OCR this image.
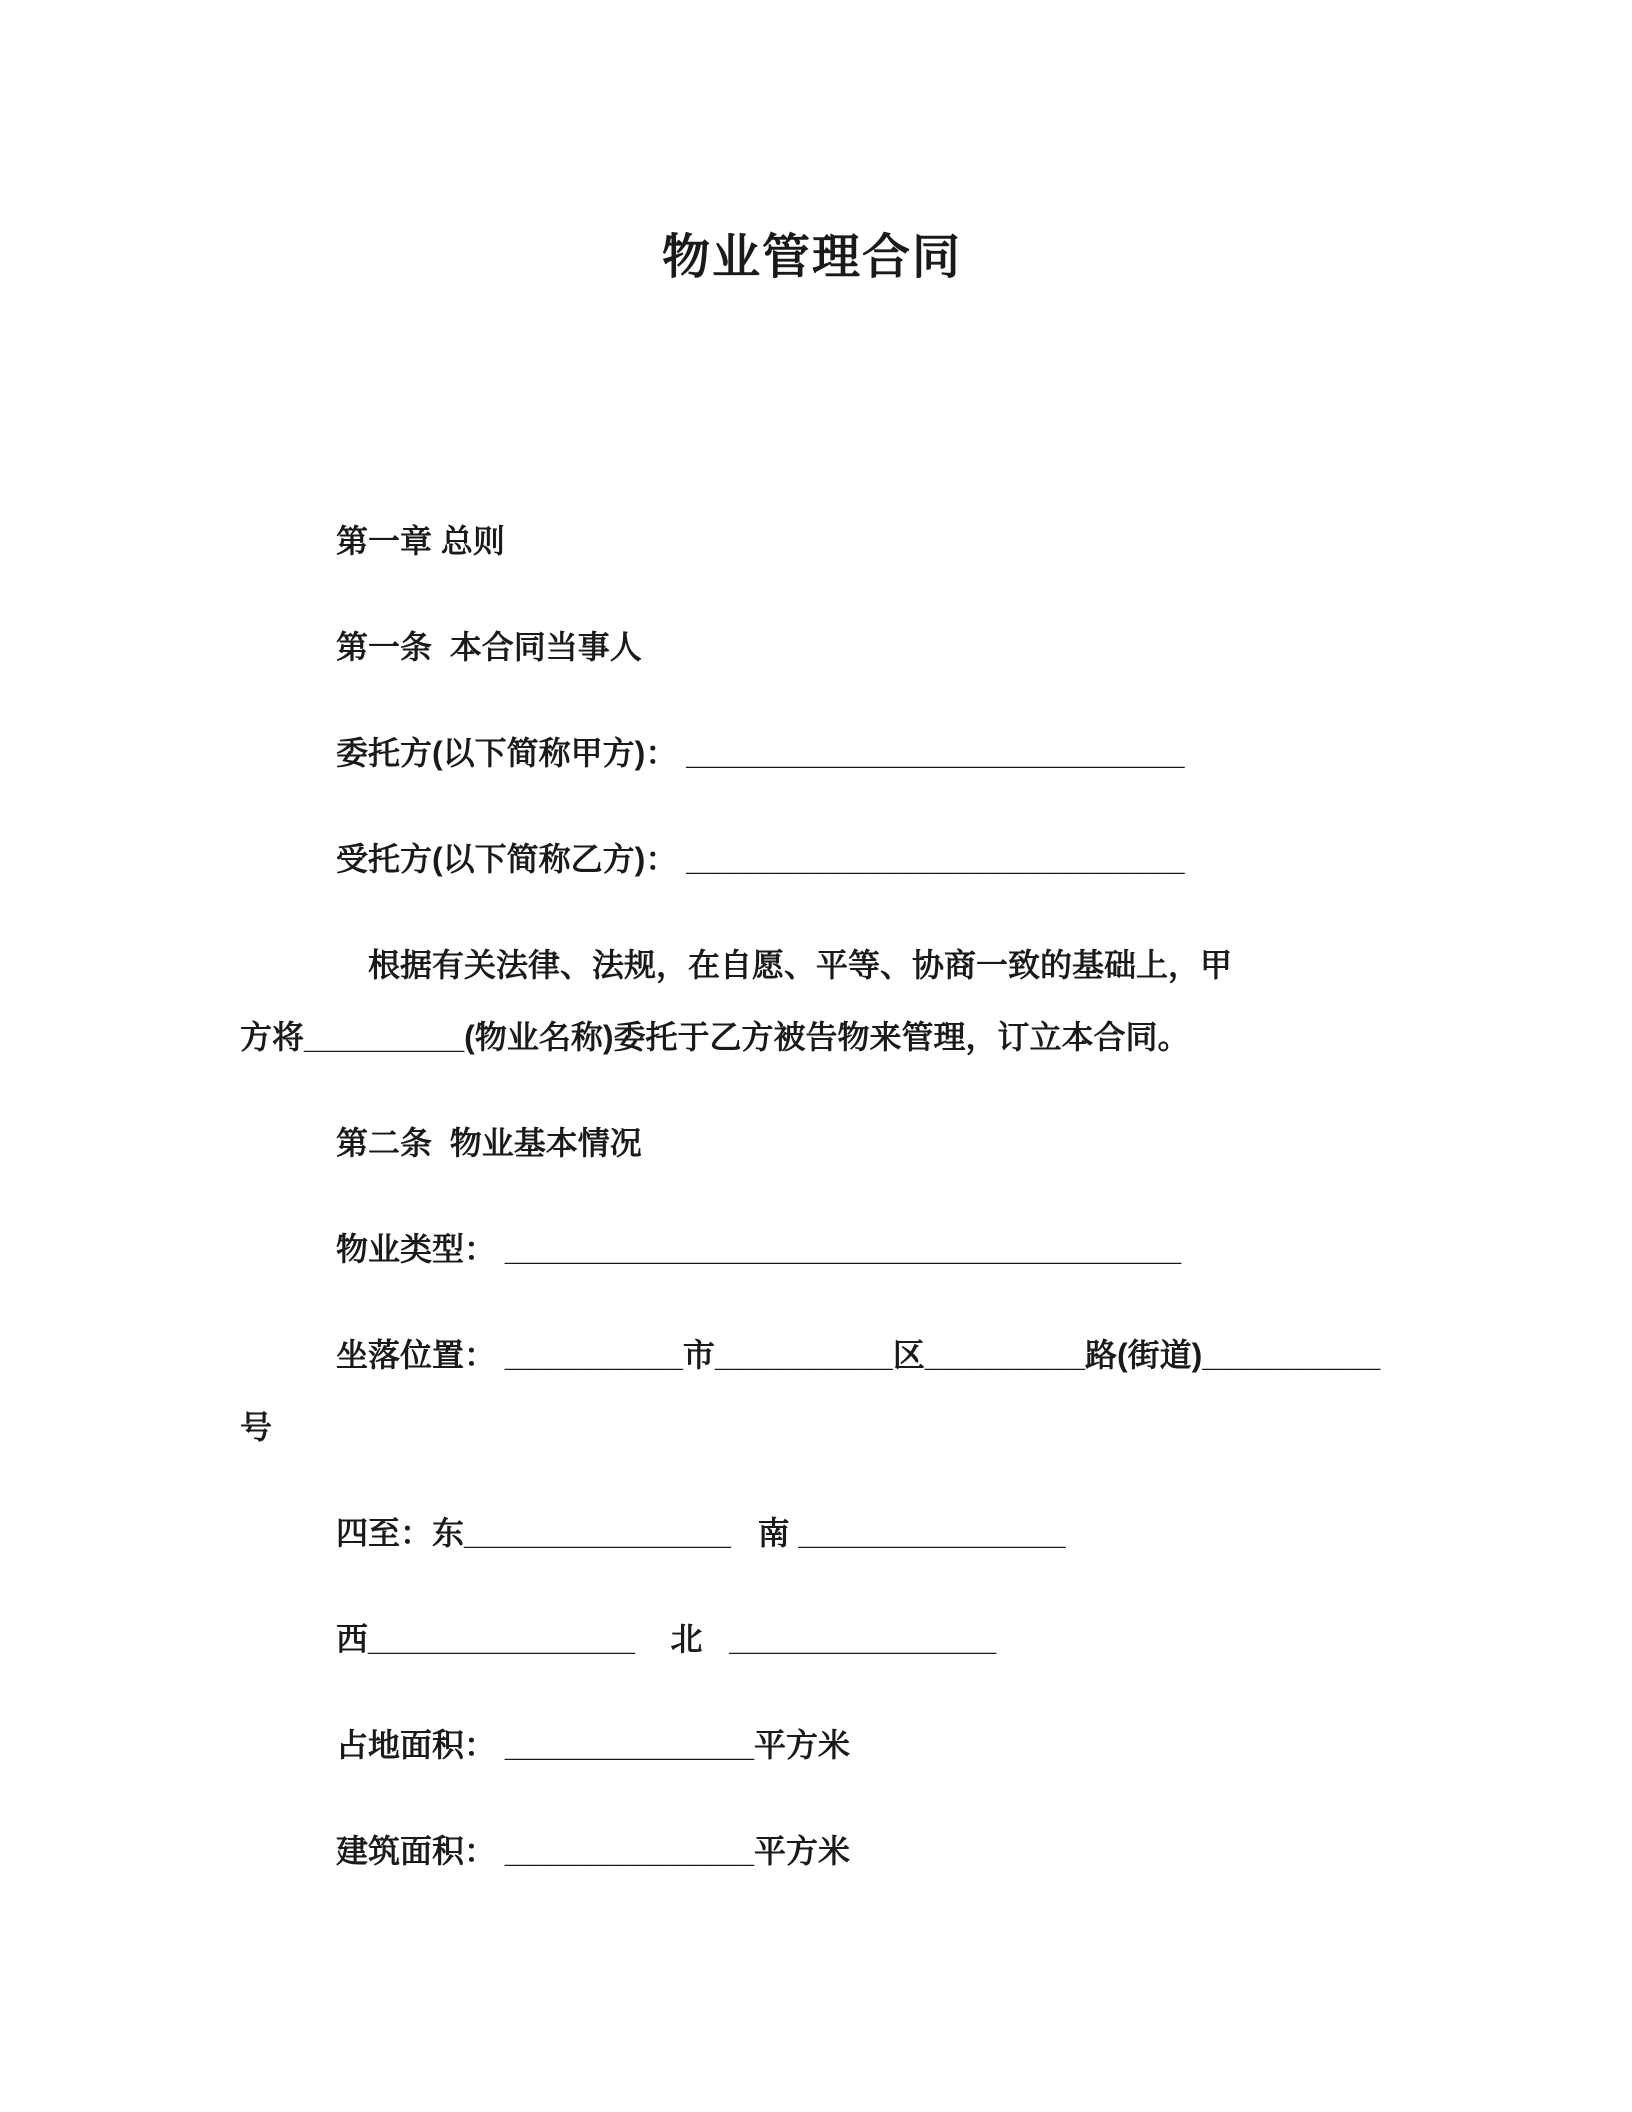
物业管理合同

第一章 总则

第一条  本合同当事人

委托方(以下简称甲方)： ____________________________

受托方(以下简称乙方)： ____________________________

根据有关法律、法规，在自愿、平等、协商一致的基础上，甲

方将_________(物业名称)委托于乙方被告物来管理，订立本合同。

第二条  物业基本情况

物业类型： ______________________________________

坐落位置： __________市__________区_________路(街道)__________

号

四至：东_______________   南 _______________

西_______________    北   _______________

占地面积： ______________平方米

建筑面积： ______________平方米
